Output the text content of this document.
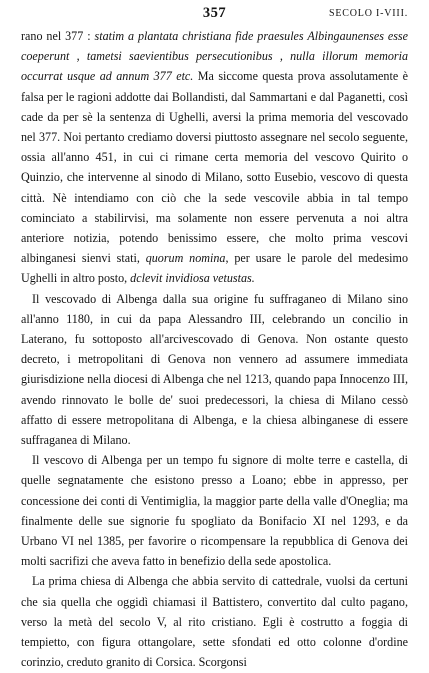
357	SECOLO I-VIII.

rano nel 377 : statim a plantata christiana fide praesules Albingaunenses esse coeperunt , tametsi saevientibus persecutionibus , nulla illorum memoria occurrat usque ad annum 377 etc. Ma siccome questa prova assolutamente è falsa per le ragioni addotte dai Bollandisti, dal Sammartani e dal Paganetti, così cade da per sè la sentenza di Ughelli, aversi la prima memoria del vescovado nel 377. Noi pertanto crediamo doversi piuttosto assegnare nel secolo seguente, ossia all'anno 451, in cui ci rimane certa memoria del vescovo Quirito o Quinzio, che intervenne al sinodo di Milano, sotto Eusebio, vescovo di questa città. Nè intendiamo con ciò che la sede vescovile abbia in tal tempo cominciato a stabilirvisi, ma solamente non essere pervenuta a noi altra anteriore notizia, potendo benissimo essere, che molto prima vescovi albinganesi sienvi stati, quorum nomina, per usare le parole del medesimo Ughelli in altro posto, dclevit invidiosa vetustas.

Il vescovado di Albenga dalla sua origine fu suffraganeo di Milano sino all'anno 1180, in cui da papa Alessandro III, celebrando un concilio in Laterano, fu sottoposto all'arcivescovado di Genova. Non ostante questo decreto, i metropolitani di Genova non vennero ad assumere immediata giurisdizione nella diocesi di Albenga che nel 1213, quando papa Innocenzo III, avendo rinnovato le bolle de' suoi predecessori, la chiesa di Milano cessò affatto di essere metropolitana di Albenga, e la chiesa albinganese di essere suffraganea di Milano.

Il vescovo di Albenga per un tempo fu signore di molte terre e castella, di quelle segnatamente che esistono presso a Loano; ebbe in appresso, per concessione dei conti di Ventimiglia, la maggior parte della valle d'Oneglia; ma finalmente delle sue signorie fu spogliato da Bonifacio XI nel 1293, e da Urbano VI nel 1385, per favorire o ricompensare la repubblica di Genova dei molti sacrifizi che aveva fatto in benefizio della sede apostolica.

La prima chiesa di Albenga che abbia servito di cattedrale, vuolsi da certuni che sia quella che oggidì chiamasi il Battistero, convertito dal culto pagano, verso la metà del secolo V, al rito cristiano. Egli è costrutto a foggia di tempietto, con figura ottangolare, sette sfondati ed otto colonne d'ordine corinzio, creduto granito di Corsica. Scorgonsi
